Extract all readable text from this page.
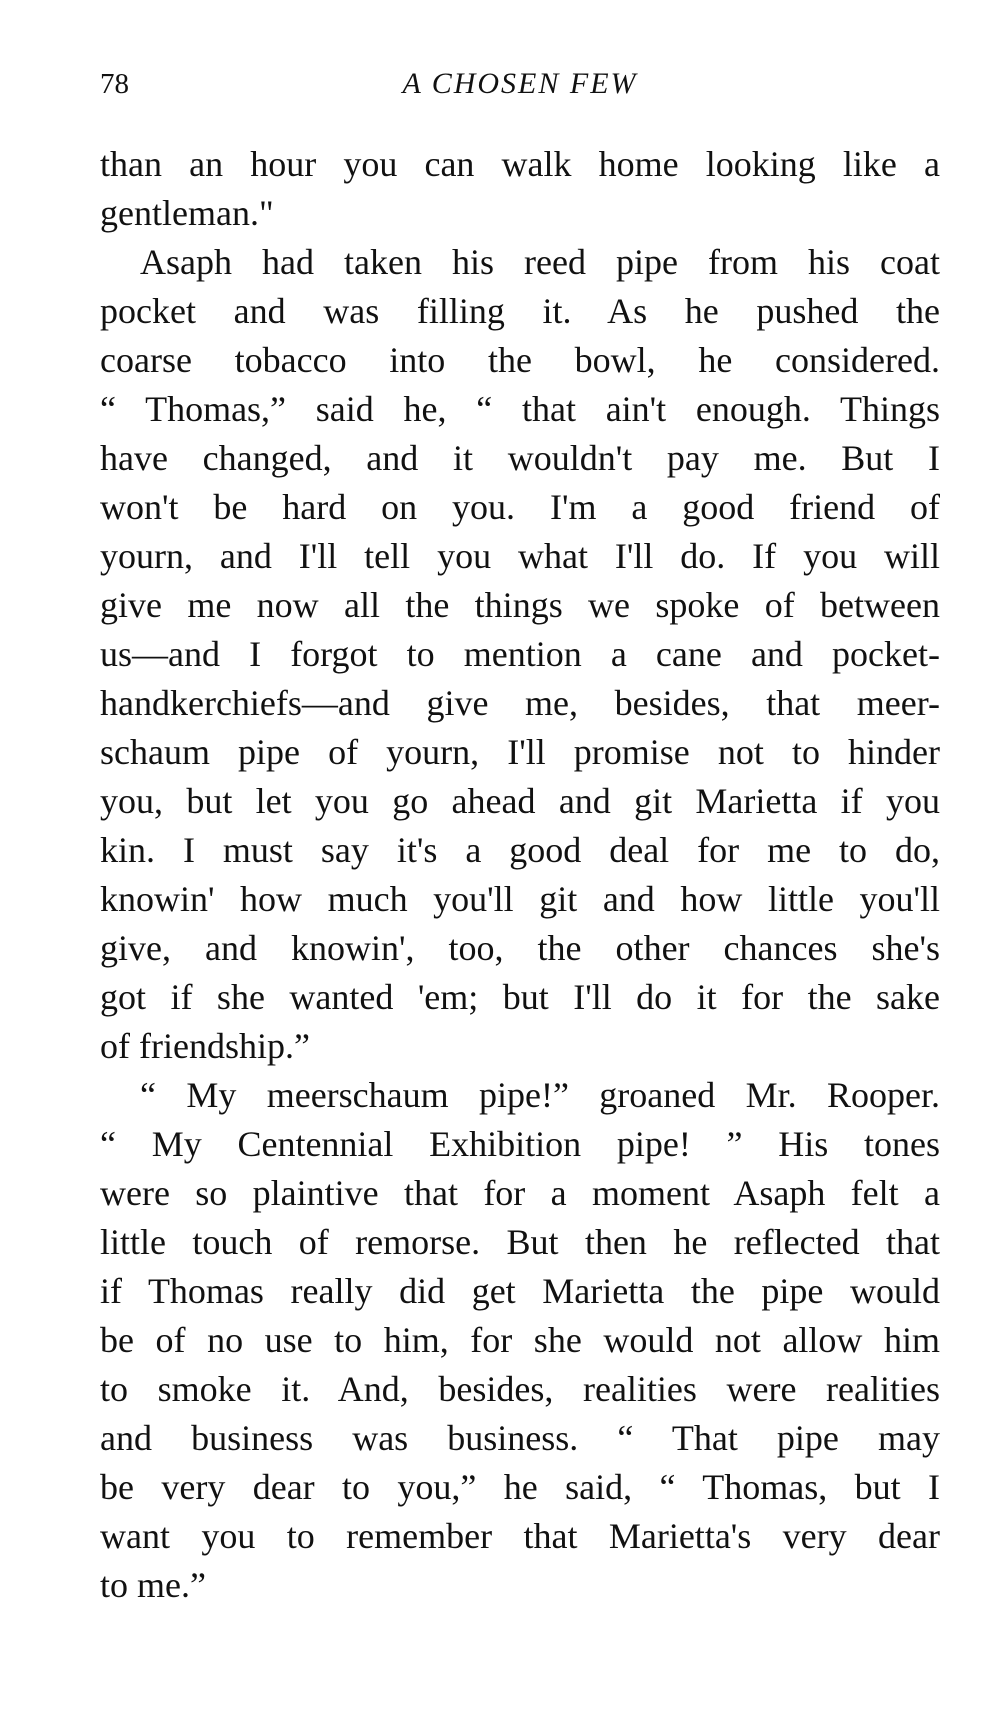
78	A CHOSEN FEW
than an hour you can walk home looking like a
gentleman."
Asaph had taken his reed pipe from his coat
pocket and was filling it. As he pushed the
coarse tobacco into the bowl, he considered.
“ Thomas,” said he, “ that ain't enough. Things
have changed, and it wouldn't pay me. But I
won't be hard on you. I'm a good friend of
yourn, and I'll tell you what I'll do. If you will
give me now all the things we spoke of between
us—and I forgot to mention a cane and pocket-
handkerchiefs—and give me, besides, that meer-
schaum pipe of yourn, I'll promise not to hinder
you, but let you go ahead and git Marietta if you
kin. I must say it's a good deal for me to do,
knowin' how much you'll git and how little you'll
give, and knowin', too, the other chances she's
got if she wanted 'em; but I'll do it for the sake
of friendship.”
“ My meerschaum pipe!” groaned Mr. Rooper.
“ My Centennial Exhibition pipe! ” His tones
were so plaintive that for a moment Asaph felt a
little touch of remorse. But then he reflected that
if Thomas really did get Marietta the pipe would
be of no use to him, for she would not allow him
to smoke it. And, besides, realities were realities
and business was business. “ That pipe may
be very dear to you,” he said, “ Thomas, but I
want you to remember that Marietta's very dear
to me.”
